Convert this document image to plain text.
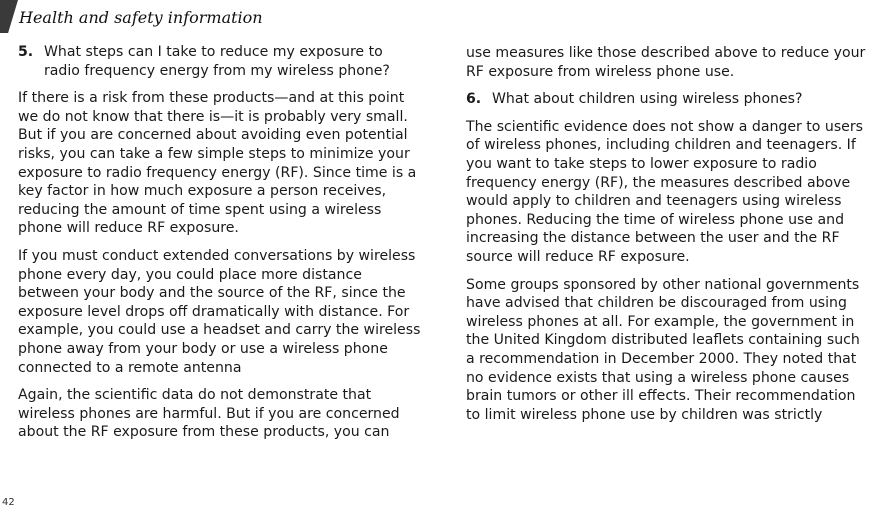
Health and safety information
5. What steps can I take to reduce my exposure to radio frequency energy from my wireless phone?

If there is a risk from these products—and at this point we do not know that there is—it is probably very small. But if you are concerned about avoiding even potential risks, you can take a few simple steps to minimize your exposure to radio frequency energy (RF). Since time is a key factor in how much exposure a person receives, reducing the amount of time spent using a wireless phone will reduce RF exposure.

If you must conduct extended conversations by wireless phone every day, you could place more distance between your body and the source of the RF, since the exposure level drops off dramatically with distance. For example, you could use a headset and carry the wireless phone away from your body or use a wireless phone connected to a remote antenna

Again, the scientific data do not demonstrate that wireless phones are harmful. But if you are concerned about the RF exposure from these products, you can

use measures like those described above to reduce your RF exposure from wireless phone use.

6. What about children using wireless phones?

The scientific evidence does not show a danger to users of wireless phones, including children and teenagers. If you want to take steps to lower exposure to radio frequency energy (RF), the measures described above would apply to children and teenagers using wireless phones. Reducing the time of wireless phone use and increasing the distance between the user and the RF source will reduce RF exposure.

Some groups sponsored by other national governments have advised that children be discouraged from using wireless phones at all. For example, the government in the United Kingdom distributed leaflets containing such a recommendation in December 2000. They noted that no evidence exists that using a wireless phone causes brain tumors or other ill effects. Their recommendation to limit wireless phone use by children was strictly

42
